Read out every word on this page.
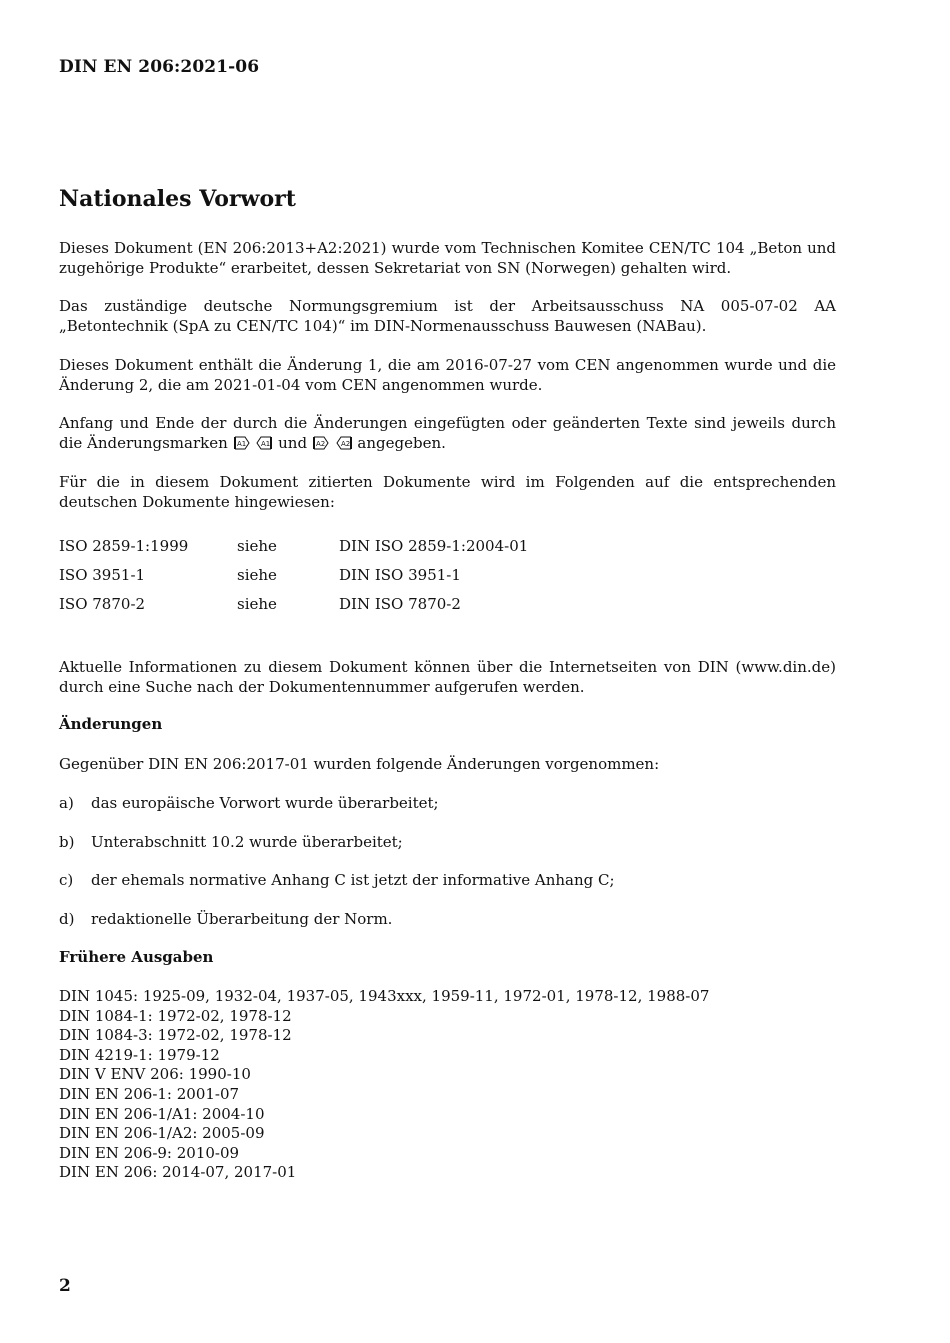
DIN EN 206:2021-06
Nationales Vorwort
Dieses Dokument (EN 206:2013+A2:2021) wurde vom Technischen Komitee CEN/TC 104 „Beton und zugehörige Produkte“ erarbeitet, dessen Sekretariat von SN (Norwegen) gehalten wird.
Das zuständige deutsche Normungsgremium ist der Arbeitsausschuss NA 005-07-02 AA „Betontechnik (SpA zu CEN/TC 104)“ im DIN-Normenausschuss Bauwesen (NABau).
Dieses Dokument enthält die Änderung 1, die am 2016-07-27 vom CEN angenommen wurde und die Änderung 2, die am 2021-01-04 vom CEN angenommen wurde.
Anfang und Ende der durch die Änderungen eingefügten oder geänderten Texte sind jeweils durch die Änderungsmarken A1
A1 und A2
A2 angegeben.
Für die in diesem Dokument zitierten Dokumente wird im Folgenden auf die entsprechenden deutschen Dokumente hingewiesen:
ISO 2859-1:1999	siehe	DIN ISO 2859-1:2004-01
ISO 3951-1	siehe	DIN ISO 3951-1
ISO 7870-2	siehe	DIN ISO 7870-2
Aktuelle Informationen zu diesem Dokument können über die Internetseiten von DIN (www.din.de) durch eine Suche nach der Dokumentennummer aufgerufen werden.
Änderungen
Gegenüber DIN EN 206:2017-01 wurden folgende Änderungen vorgenommen:
a) das europäische Vorwort wurde überarbeitet;
b) Unterabschnitt 10.2 wurde überarbeitet;
c) der ehemals normative Anhang C ist jetzt der informative Anhang C;
d) redaktionelle Überarbeitung der Norm.
Frühere Ausgaben
DIN 1045: 1925-09, 1932-04, 1937-05, 1943xxx, 1959-11, 1972-01, 1978-12, 1988-07
DIN 1084-1: 1972-02, 1978-12
DIN 1084-3: 1972-02, 1978-12
DIN 4219-1: 1979-12
DIN V ENV 206: 1990-10
DIN EN 206-1: 2001-07
DIN EN 206-1/A1: 2004-10
DIN EN 206-1/A2: 2005-09
DIN EN 206-9: 2010-09
DIN EN 206: 2014-07, 2017-01
2
